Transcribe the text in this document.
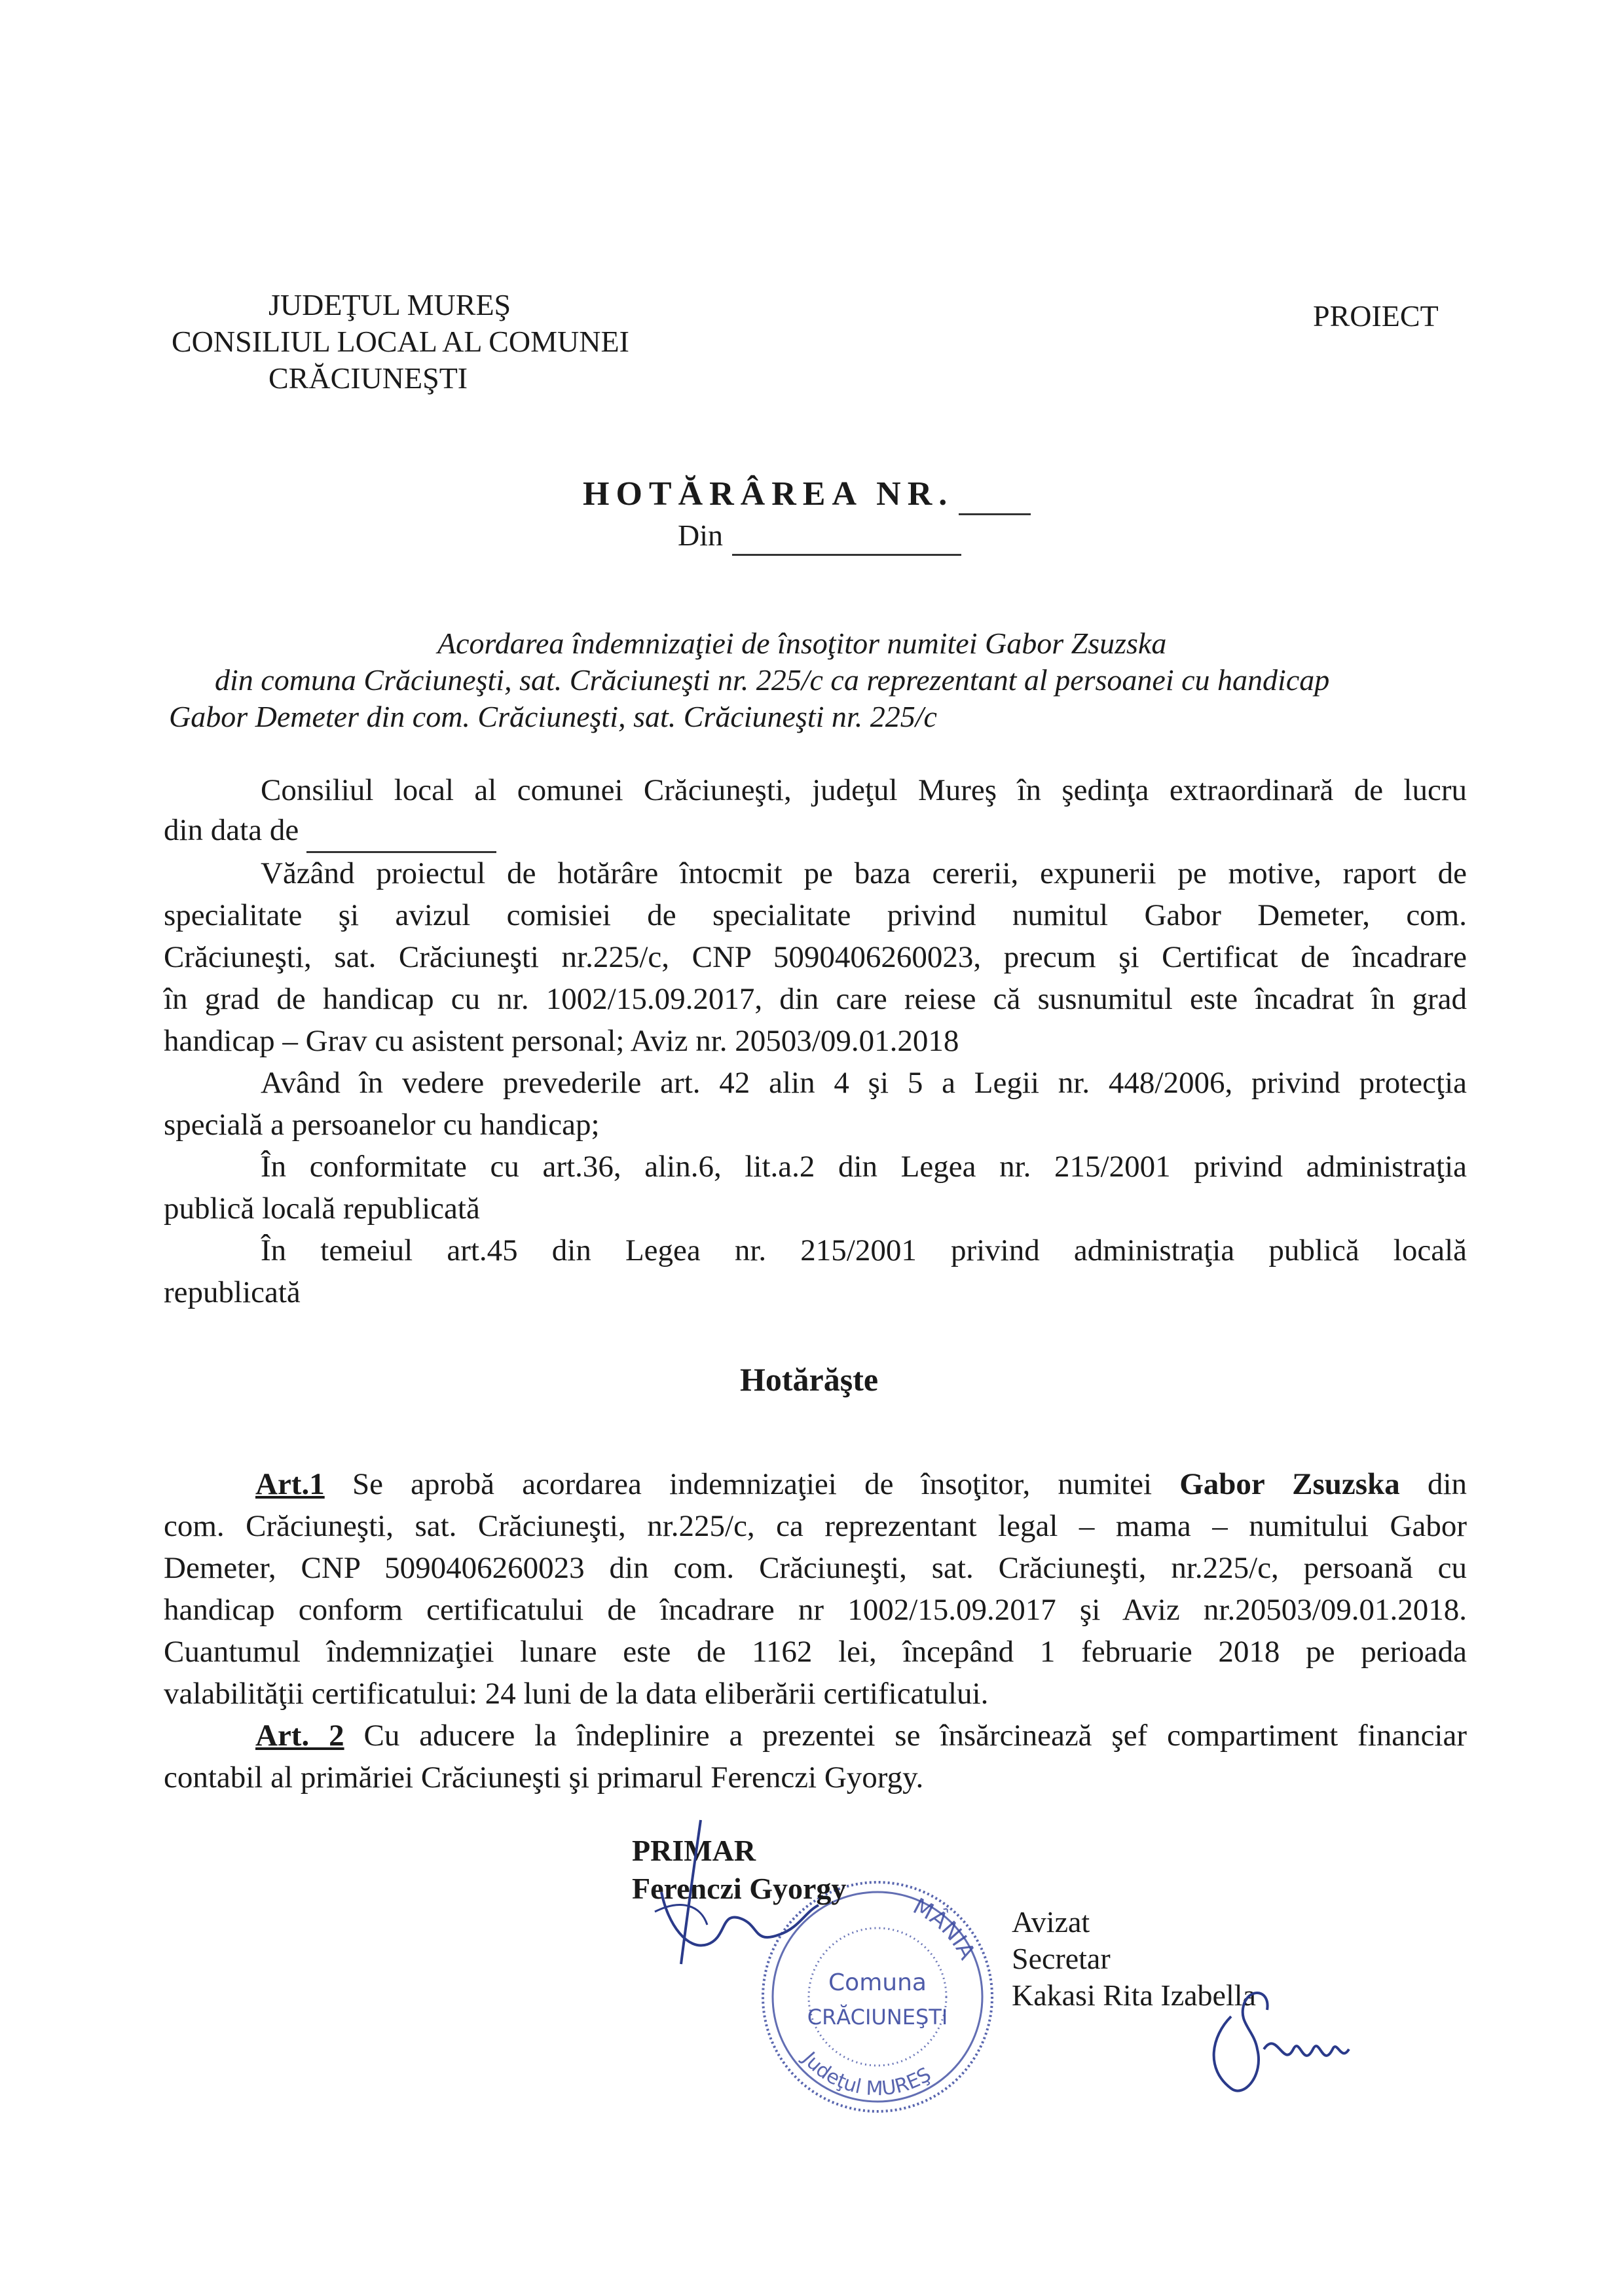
JUDEŢUL MUREŞ
CONSILIUL LOCAL AL COMUNEI
CRĂCIUNEŞTI
PROIECT
HOTĂRÂREA NR.
Din
Acordarea îndemnizaţiei de însoţitor numitei Gabor Zsuzska
din comuna Crăciuneşti, sat. Crăciuneşti nr. 225/c ca reprezentant al persoanei cu handicap
Gabor Demeter din com. Crăciuneşti, sat. Crăciuneşti nr. 225/c
Consiliul local al comunei Crăciuneşti, judeţul Mureş în şedinţa extraordinară de lucru
din data de
Văzând proiectul de hotărâre întocmit pe baza cererii, expunerii pe motive, raport de
specialitate şi avizul comisiei de specialitate privind numitul Gabor Demeter, com.
Crăciuneşti, sat. Crăciuneşti nr.225/c, CNP 5090406260023, precum şi Certificat de încadrare
în grad de handicap cu nr. 1002/15.09.2017, din care reiese că susnumitul este încadrat în grad
handicap – Grav cu asistent personal; Aviz nr. 20503/09.01.2018
Având în vedere prevederile art. 42 alin 4 şi 5 a Legii nr. 448/2006, privind protecţia
specială a persoanelor cu handicap;
În conformitate cu art.36, alin.6, lit.a.2 din Legea nr. 215/2001 privind administraţia
publică locală republicată
În temeiul art.45 din Legea nr. 215/2001 privind administraţia publică locală
republicată
Hotărăşte
Art.1 Se aprobă acordarea indemnizaţiei de însoţitor, numitei Gabor Zsuzska din
com. Crăciuneşti, sat. Crăciuneşti, nr.225/c, ca reprezentant legal – mama – numitului Gabor
Demeter, CNP 5090406260023 din com. Crăciuneşti, sat. Crăciuneşti, nr.225/c, persoană cu
handicap conform certificatului de încadrare nr 1002/15.09.2017 şi Aviz nr.20503/09.01.2018.
Cuantumul îndemnizaţiei lunare este de 1162 lei, începând 1 februarie 2018 pe perioada
valabilităţii certificatului: 24 luni de la data eliberării certificatului.
Art. 2 Cu aducere la îndeplinire a prezentei se însărcinează şef compartiment financiar
contabil al primăriei Crăciuneşti şi primarul Ferenczi Gyorgy.
MÂNIA
Judeţul MUREŞ
Comuna
CRĂCIUNEŞTI
PRIMAR
Ferenczi Gyorgy
Avizat
Secretar
Kakasi Rita Izabella
